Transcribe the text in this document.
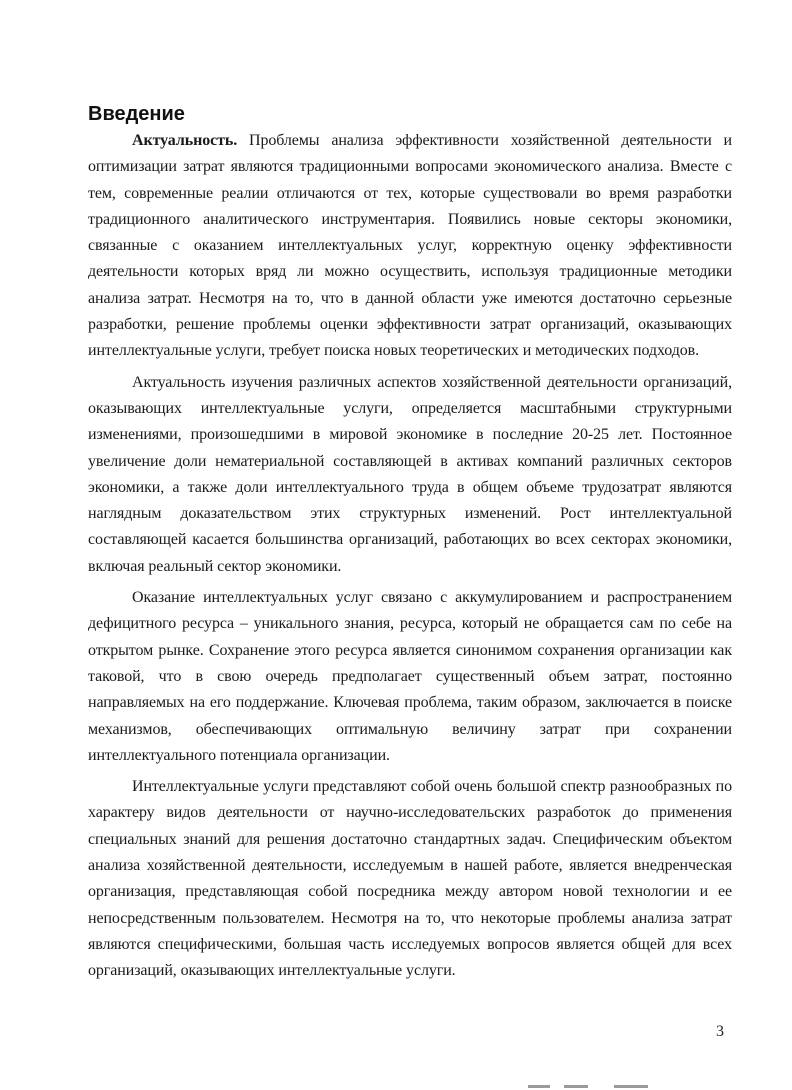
Введение

Актуальность. Проблемы анализа эффективности хозяйственной деятельности и оптимизации затрат являются традиционными вопросами экономического анализа. Вместе с тем, современные реалии отличаются от тех, которые существовали во время разработки традиционного аналитического инструментария. Появились новые секторы экономики, связанные с оказанием интеллектуальных услуг, корректную оценку эффективности деятельности которых вряд ли можно осуществить, используя традиционные методики анализа затрат. Несмотря на то, что в данной области уже имеются достаточно серьезные разработки, решение проблемы оценки эффективности затрат организаций, оказывающих интеллектуальные услуги, требует поиска новых теоретических и методических подходов.

Актуальность изучения различных аспектов хозяйственной деятельности организаций, оказывающих интеллектуальные услуги, определяется масштабными структурными изменениями, произошедшими в мировой экономике в последние 20-25 лет. Постоянное увеличение доли нематериальной составляющей в активах компаний различных секторов экономики, а также доли интеллектуального труда в общем объеме трудозатрат являются наглядным доказательством этих структурных изменений. Рост интеллектуальной составляющей касается большинства организаций, работающих во всех секторах экономики, включая реальный сектор экономики.

Оказание интеллектуальных услуг связано с аккумулированием и распространением дефицитного ресурса – уникального знания, ресурса, который не обращается сам по себе на открытом рынке. Сохранение этого ресурса является синонимом сохранения организации как таковой, что в свою очередь предполагает существенный объем затрат, постоянно направляемых на его поддержание. Ключевая проблема, таким образом, заключается в поиске механизмов, обеспечивающих оптимальную величину затрат при сохранении интеллектуального потенциала организации.

Интеллектуальные услуги представляют собой очень большой спектр разнообразных по характеру видов деятельности от научно-исследовательских разработок до применения специальных знаний для решения достаточно стандартных задач. Специфическим объектом анализа хозяйственной деятельности, исследуемым в нашей работе, является внедренческая организация, представляющая собой посредника между автором новой технологии и ее непосредственным пользователем. Несмотря на то, что некоторые проблемы анализа затрат являются специфическими, большая часть исследуемых вопросов является общей для всех организаций, оказывающих интеллектуальные услуги.

3
